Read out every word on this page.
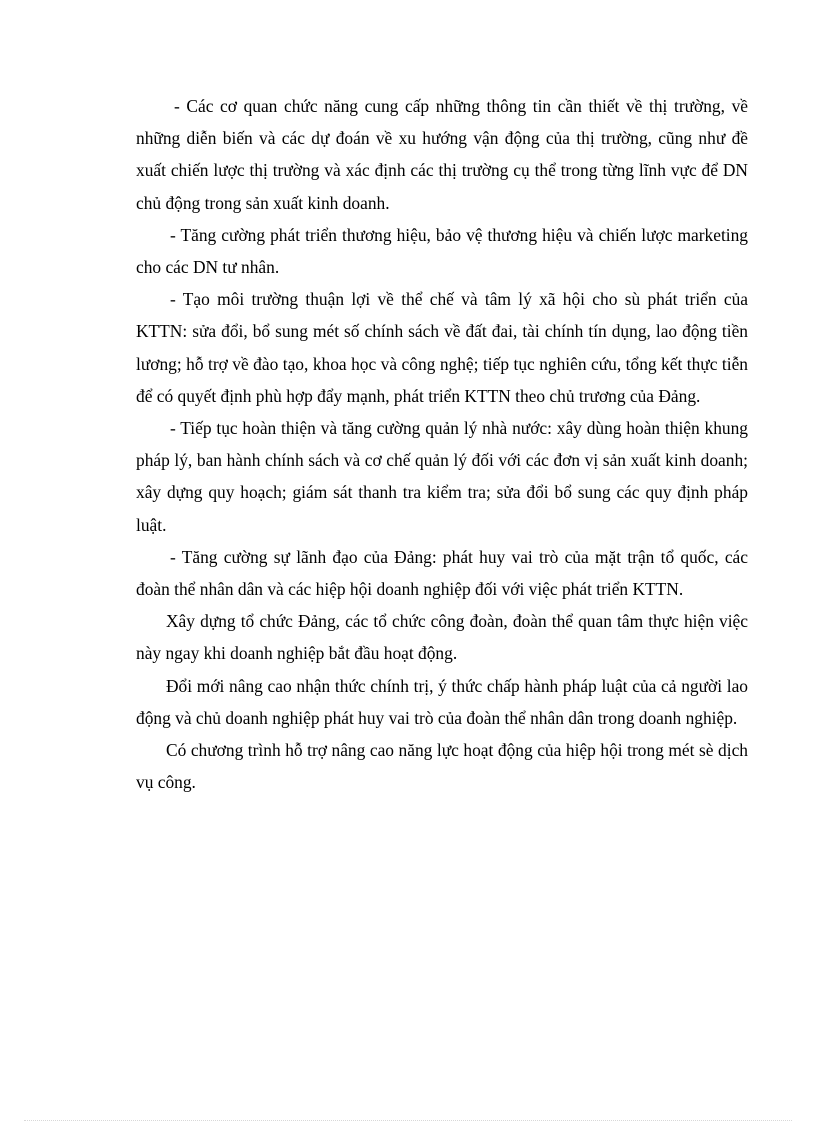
- Các cơ quan chức năng cung cấp những thông tin cần thiết về thị trường, về những diễn biến và các dự đoán về xu hướng vận động của thị trường, cũng như đề xuất chiến lược thị trường và xác định các thị trường cụ thể trong từng lĩnh vực để DN chủ động trong sản xuất kinh doanh.

- Tăng cường phát triển thương hiệu, bảo vệ thương hiệu và chiến lược marketing cho các DN tư nhân.

- Tạo môi trường thuận lợi về thể chế và tâm lý xã hội cho sù phát triển của KTTN: sửa đổi, bổ sung mét số chính sách về đất đai, tài chính tín dụng, lao động tiền lương; hỗ trợ về đào tạo, khoa học và công nghệ; tiếp tục nghiên cứu, tổng kết thực tiễn để có quyết định phù hợp đẩy mạnh, phát triển KTTN theo chủ trương của Đảng.

- Tiếp tục hoàn thiện và tăng cường quản lý nhà nước: xây dùng hoàn thiện khung pháp lý, ban hành chính sách và cơ chế quản lý đối với các đơn vị sản xuất kinh doanh; xây dựng quy hoạch; giám sát thanh tra kiểm tra; sửa đổi bổ sung các quy định pháp luật.

- Tăng cường sự lãnh đạo của Đảng: phát huy vai trò của mặt trận tổ quốc, các đoàn thể nhân dân và các hiệp hội doanh nghiệp đối với việc phát triển KTTN.

Xây dựng tổ chức Đảng, các tổ chức công đoàn, đoàn thể quan tâm thực hiện việc này ngay khi doanh nghiệp bắt đầu hoạt động.

Đổi mới nâng cao nhận thức chính trị, ý thức chấp hành pháp luật của cả người lao động và chủ doanh nghiệp phát huy vai trò của đoàn thể nhân dân trong doanh nghiệp.

Có chương trình hỗ trợ nâng cao năng lực hoạt động của hiệp hội trong mét sè dịch vụ công.
